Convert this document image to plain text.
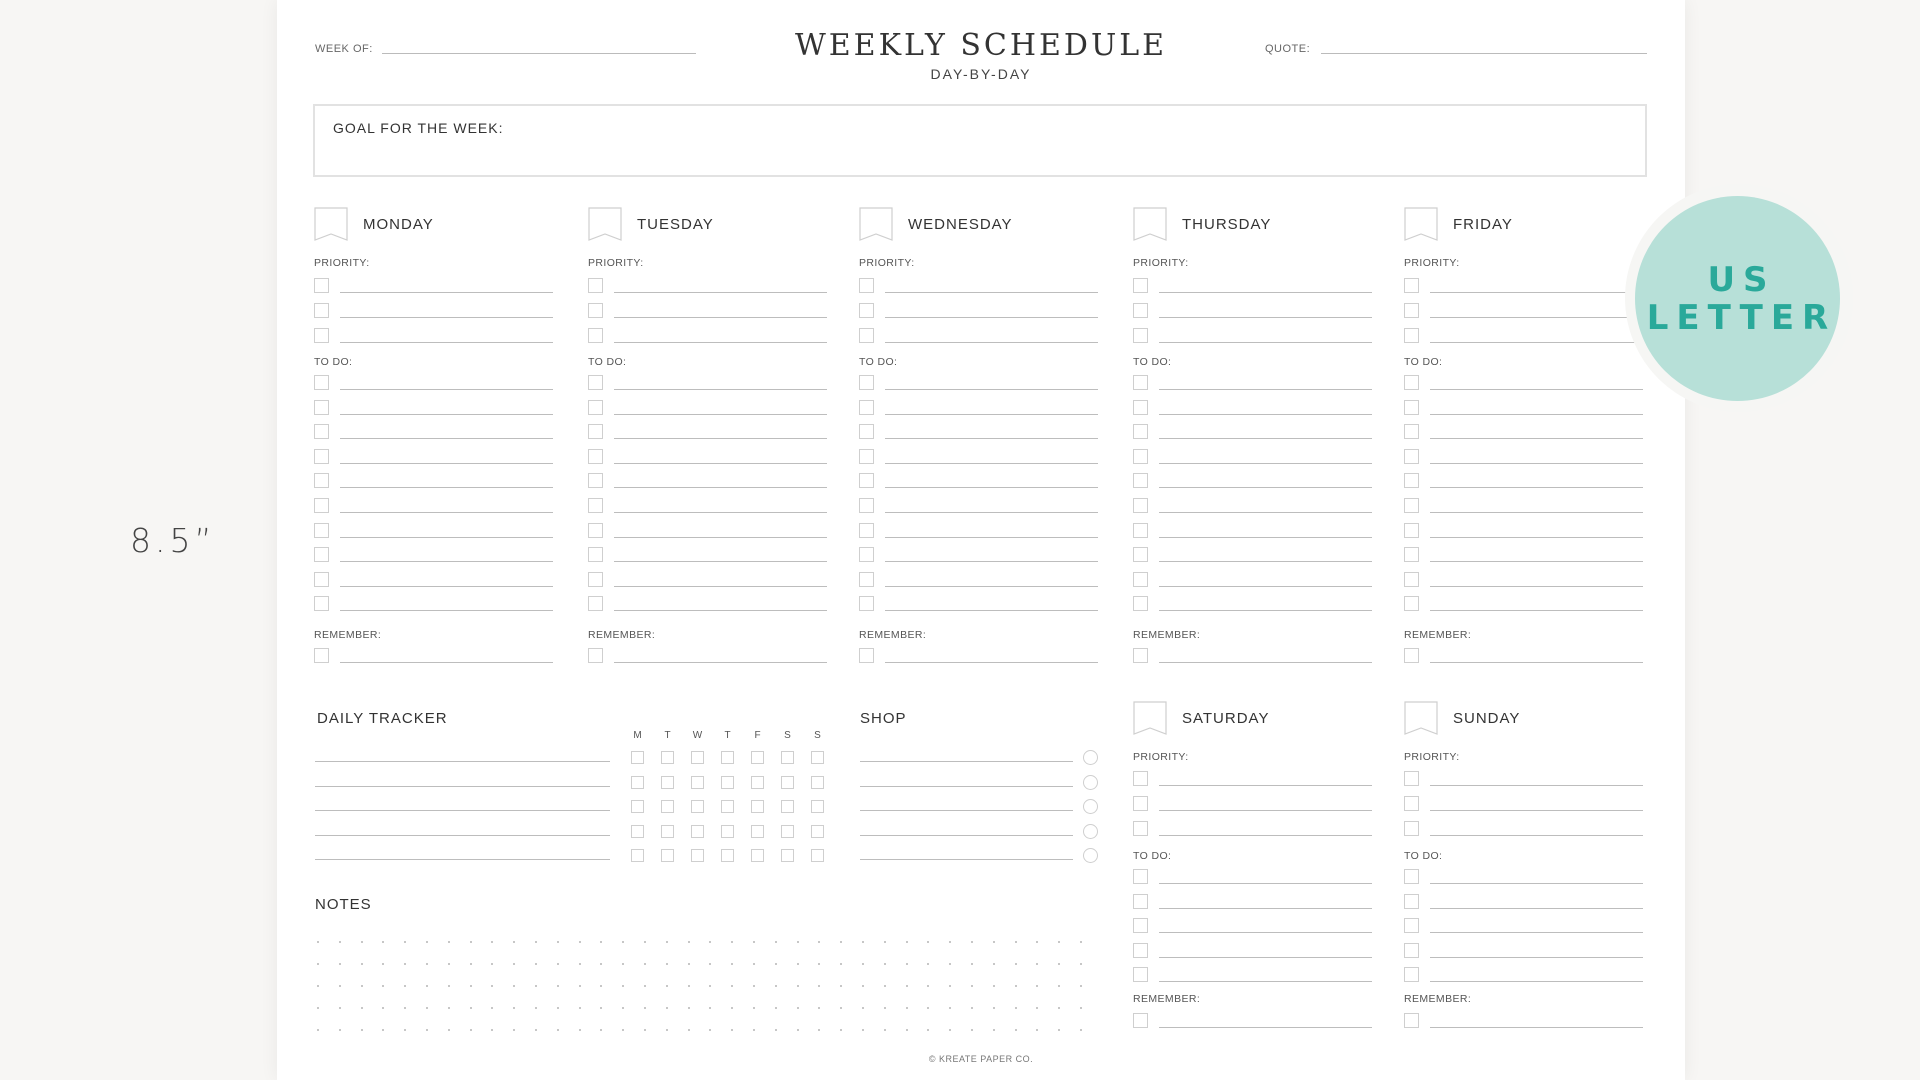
8.5”
WEEK OF:	WEEKLY SCHEDULE
DAY-BY-DAY
QUOTE:
GOAL FOR THE WEEK:
MONDAY
PRIORITY:
TO DO:
REMEMBER:
TUESDAY
PRIORITY:
TO DO:
REMEMBER:
WEDNESDAY
PRIORITY:
TO DO:
REMEMBER:
THURSDAY
PRIORITY:
TO DO:
REMEMBER:
FRIDAY
PRIORITY:
TO DO:
REMEMBER:
SATURDAY
PRIORITY:
TO DO:
REMEMBER:
SUNDAY
PRIORITY:
TO DO:
REMEMBER:
DAILY TRACKER
M	T	W	T	F	S	S
SHOP
NOTES
© KREATE PAPER CO.
US
LETTER
